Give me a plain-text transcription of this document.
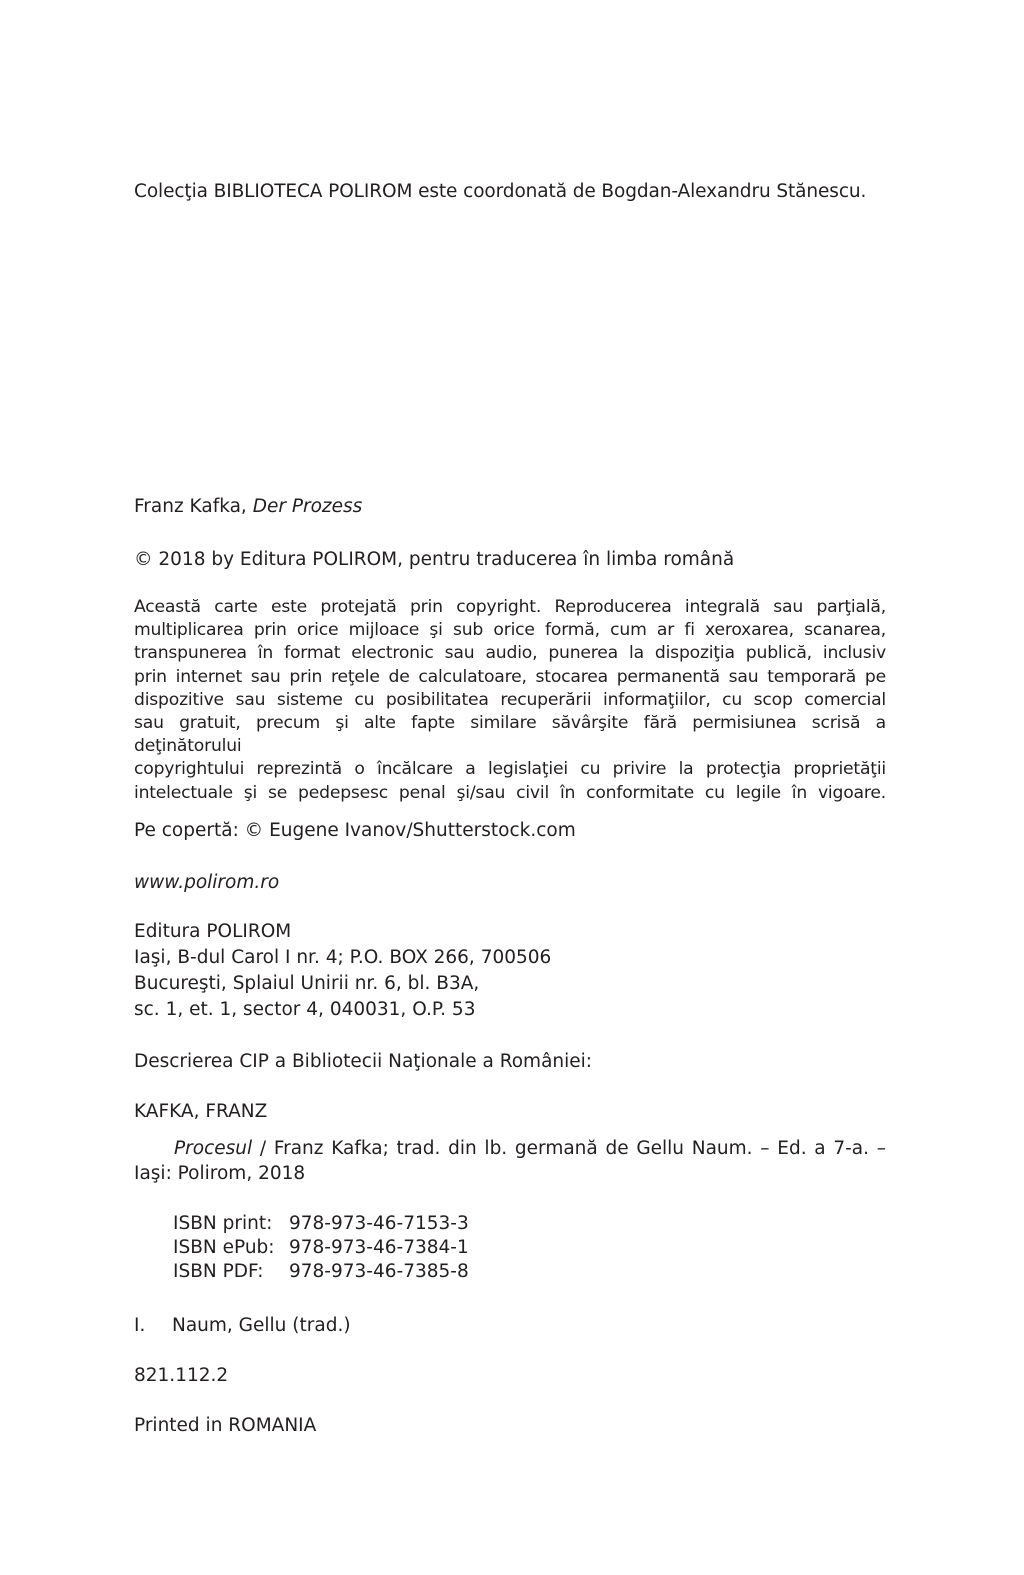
Colecţia BIBLIOTECA POLIROM este coordonată de Bogdan-Alexandru Stănescu.
Franz Kafka, Der Prozess
© 2018 by Editura POLIROM, pentru traducerea în limba română
Această carte este protejată prin copyright. Reproducerea integrală sau parţială,
multiplicarea prin orice mijloace şi sub orice formă, cum ar fi xeroxarea, scanarea,
transpunerea în format electronic sau audio, punerea la dispoziţia publică, inclusiv
prin internet sau prin reţele de calculatoare, stocarea permanentă sau temporară pe
dispozitive sau sisteme cu posibilitatea recuperării informaţiilor, cu scop comercial
sau gratuit, precum şi alte fapte similare săvârşite fără permisiunea scrisă a deţinătorului
copyrightului reprezintă o încălcare a legislaţiei cu privire la protecţia proprietăţii
intelectuale şi se pedepsesc penal şi/sau civil în conformitate cu legile în vigoare.
Pe copertă: © Eugene Ivanov/Shutterstock.com
www.polirom.ro
Editura POLIROM
Iaşi, B-dul Carol I nr. 4; P.O. BOX 266, 700506
Bucureşti, Splaiul Unirii nr. 6, bl. B3A,
sc. 1, et. 1, sector 4, 040031, O.P. 53
Descrierea CIP a Bibliotecii Naţionale a României:
KAFKA, FRANZ
Procesul / Franz Kafka; trad. din lb. germană de Gellu Naum. – Ed. a 7-a. –
Iaşi: Polirom, 2018
ISBN print: 978-973-46-7153-3
ISBN ePub: 978-973-46-7384-1
ISBN PDF:	978-973-46-7385-8
I. Naum, Gellu (trad.)
821.112.2
Printed in ROMANIA
